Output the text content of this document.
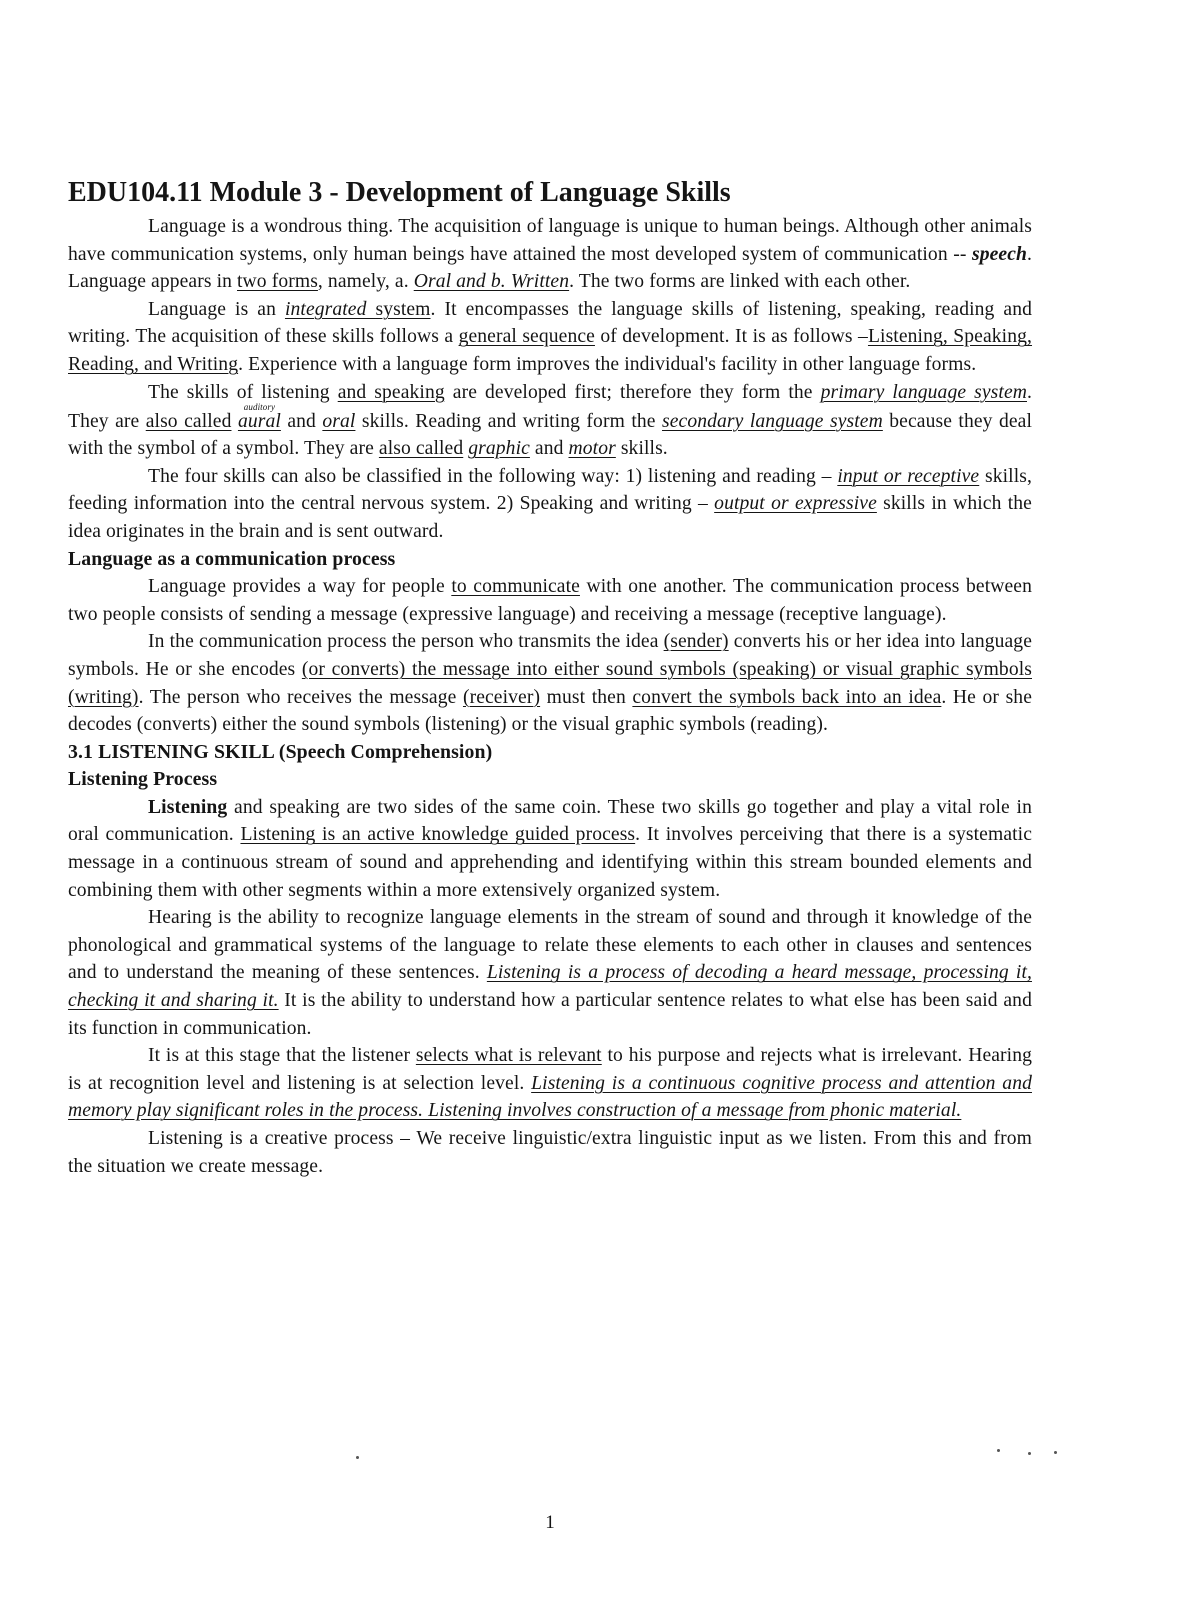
EDU104.11 Module 3 - Development of Language Skills

Language is a wondrous thing. The acquisition of language is unique to human beings. Although other animals have communication systems, only human beings have attained the most developed system of communication -- speech. Language appears in two forms, namely, a. Oral and b. Written. The two forms are linked with each other.

Language is an integrated system. It encompasses the language skills of listening, speaking, reading and writing. The acquisition of these skills follows a general sequence of development. It is as follows –Listening, Speaking, Reading, and Writing. Experience with a language form improves the individual's facility in other language forms.

The skills of listening and speaking are developed first; therefore they form the primary language system. They are also called auralauditory and oral skills. Reading and writing form the secondary language system because they deal with the symbol of a symbol. They are also called graphic and motor skills.

The four skills can also be classified in the following way: 1) listening and reading – input or receptive skills, feeding information into the central nervous system. 2) Speaking and writing – output or expressive skills in which the idea originates in the brain and is sent outward.

Language as a communication process

Language provides a way for people to communicate with one another. The communication process between two people consists of sending a message (expressive language) and receiving a message (receptive language).

In the communication process the person who transmits the idea (sender) converts his or her idea into language symbols. He or she encodes (or converts) the message into either sound symbols (speaking) or visual graphic symbols (writing). The person who receives the message (receiver) must then convert the symbols back into an idea. He or she decodes (converts) either the sound symbols (listening) or the visual graphic symbols (reading).

3.1 LISTENING SKILL (Speech Comprehension)

Listening Process

Listening and speaking are two sides of the same coin. These two skills go together and play a vital role in oral communication. Listening is an active knowledge guided process. It involves perceiving that there is a systematic message in a continuous stream of sound and apprehending and identifying within this stream bounded elements and combining them with other segments within a more extensively organized system.

Hearing is the ability to recognize language elements in the stream of sound and through it knowledge of the phonological and grammatical systems of the language to relate these elements to each other in clauses and sentences and to understand the meaning of these sentences. Listening is a process of decoding a heard message, processing it, checking it and sharing it. It is the ability to understand how a particular sentence relates to what else has been said and its function in communication.

It is at this stage that the listener selects what is relevant to his purpose and rejects what is irrelevant. Hearing is at recognition level and listening is at selection level. Listening is a continuous cognitive process and attention and memory play significant roles in the process. Listening involves construction of a message from phonic material.

Listening is a creative process – We receive linguistic/extra linguistic input as we listen. From this and from the situation we create message.

1
